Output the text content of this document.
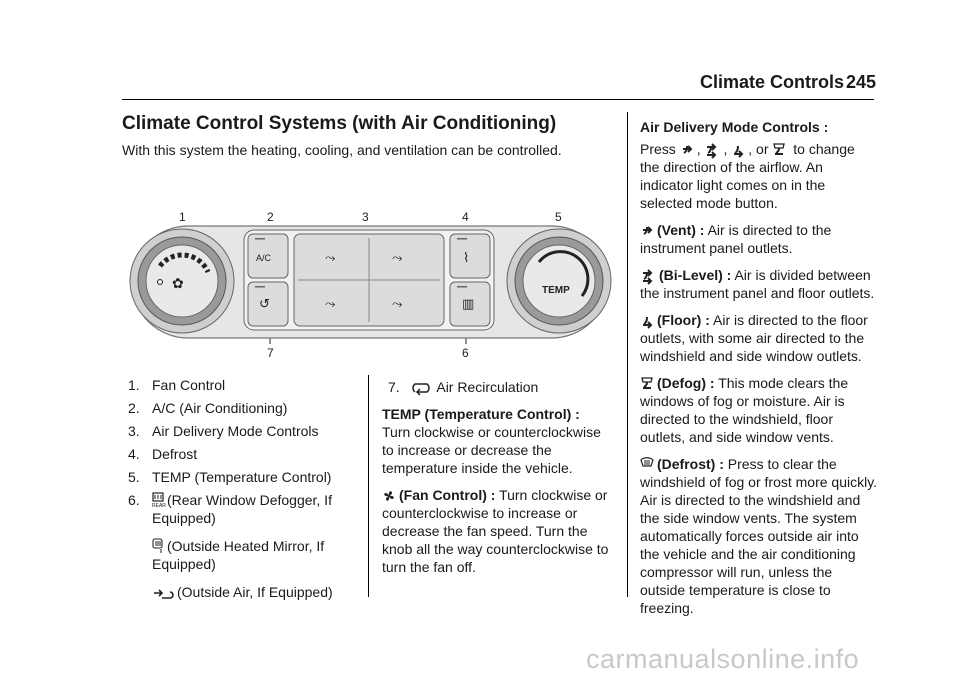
Climate Controls 245
Climate Control Systems (with Air Conditioning)
With this system the heating, cooling, and ventilation can be controlled.
1	2	3	4	5
7	6
✿	TEMP
A/C	⤳	⤳
⤳	⤳
⌇
▥
↺
1. Fan Control
2. A/C (Air Conditioning)
3. Air Delivery Mode Controls
4. Defrost
5. TEMP (Temperature Control)
6. REAR (Rear Window Defogger, If Equipped)
(Outside Heated Mirror, If Equipped)
(Outside Air, If Equipped)

7.	Air Recirculation

TEMP (Temperature Control) :
Turn clockwise or counterclockwise to increase or decrease the temperature inside the vehicle.

(Fan Control) : Turn clockwise or counterclockwise to increase or decrease the fan speed. Turn the knob all the way counterclockwise to turn the fan off.

Air Delivery Mode Controls :

Press , , , or to change the direction of the airflow. An indicator light comes on in the selected mode button.

(Vent) : Air is directed to the instrument panel outlets.

(Bi-Level) : Air is divided between the instrument panel and floor outlets.

(Floor) : Air is directed to the floor outlets, with some air directed to the windshield and side window outlets.

(Defog) : This mode clears the windows of fog or moisture. Air is directed to the windshield, floor outlets, and side window vents.

(Defrost) : Press to clear the windshield of fog or frost more quickly. Air is directed to the windshield and the side window vents. The system automatically forces outside air into the vehicle and the air conditioning compressor will run, unless the outside temperature is close to freezing.

carmanualsonline.info
